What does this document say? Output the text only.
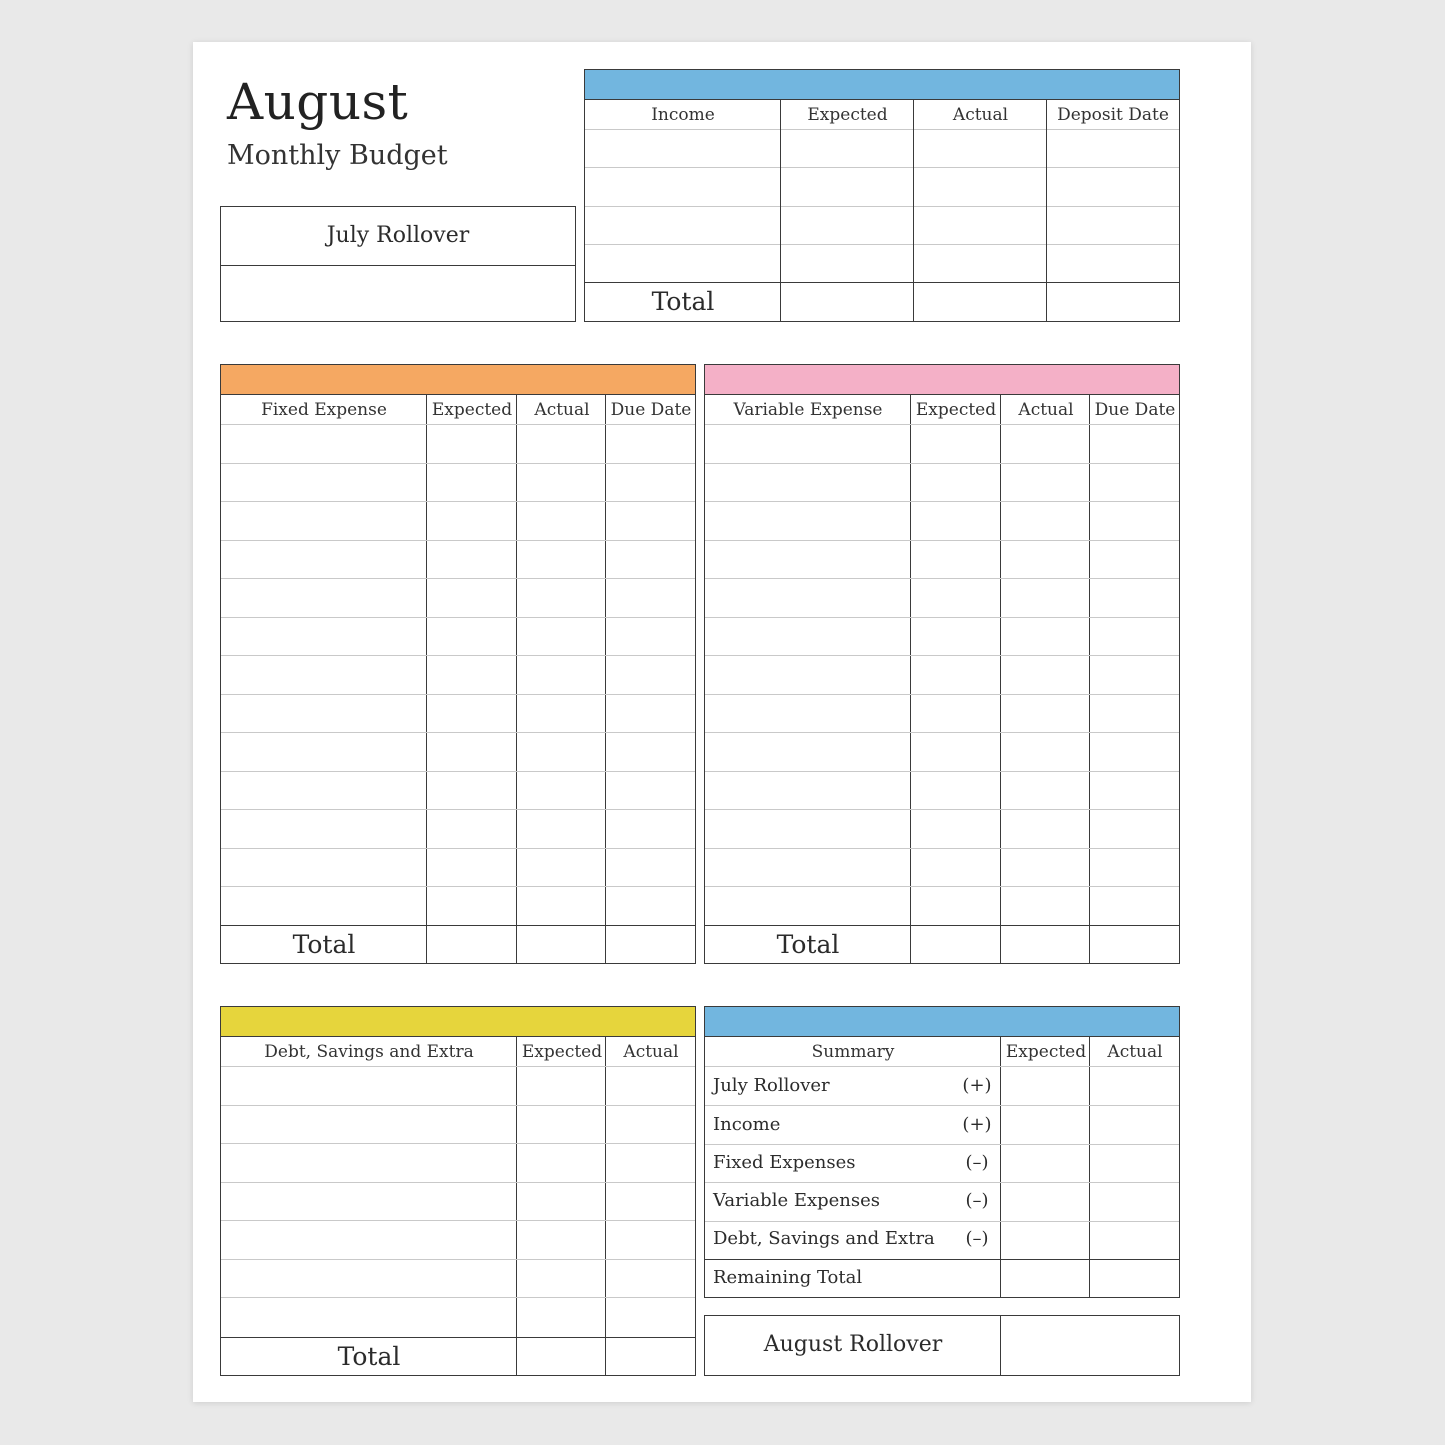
August
Monthly Budget
July Rollover
Income	Expected	Actual	Deposit Date
Total
Fixed Expense	Expected	Actual	Due Date
Total
Variable Expense	Expected	Actual	Due Date
Total
Debt, Savings and Extra	Expected	Actual
Total
Summary	Expected	Actual
July Rollover	(+)
Income	(+)
Fixed Expenses	(–)
Variable Expenses	(–)
Debt, Savings and Extra	(–)
Remaining Total
August Rollover
